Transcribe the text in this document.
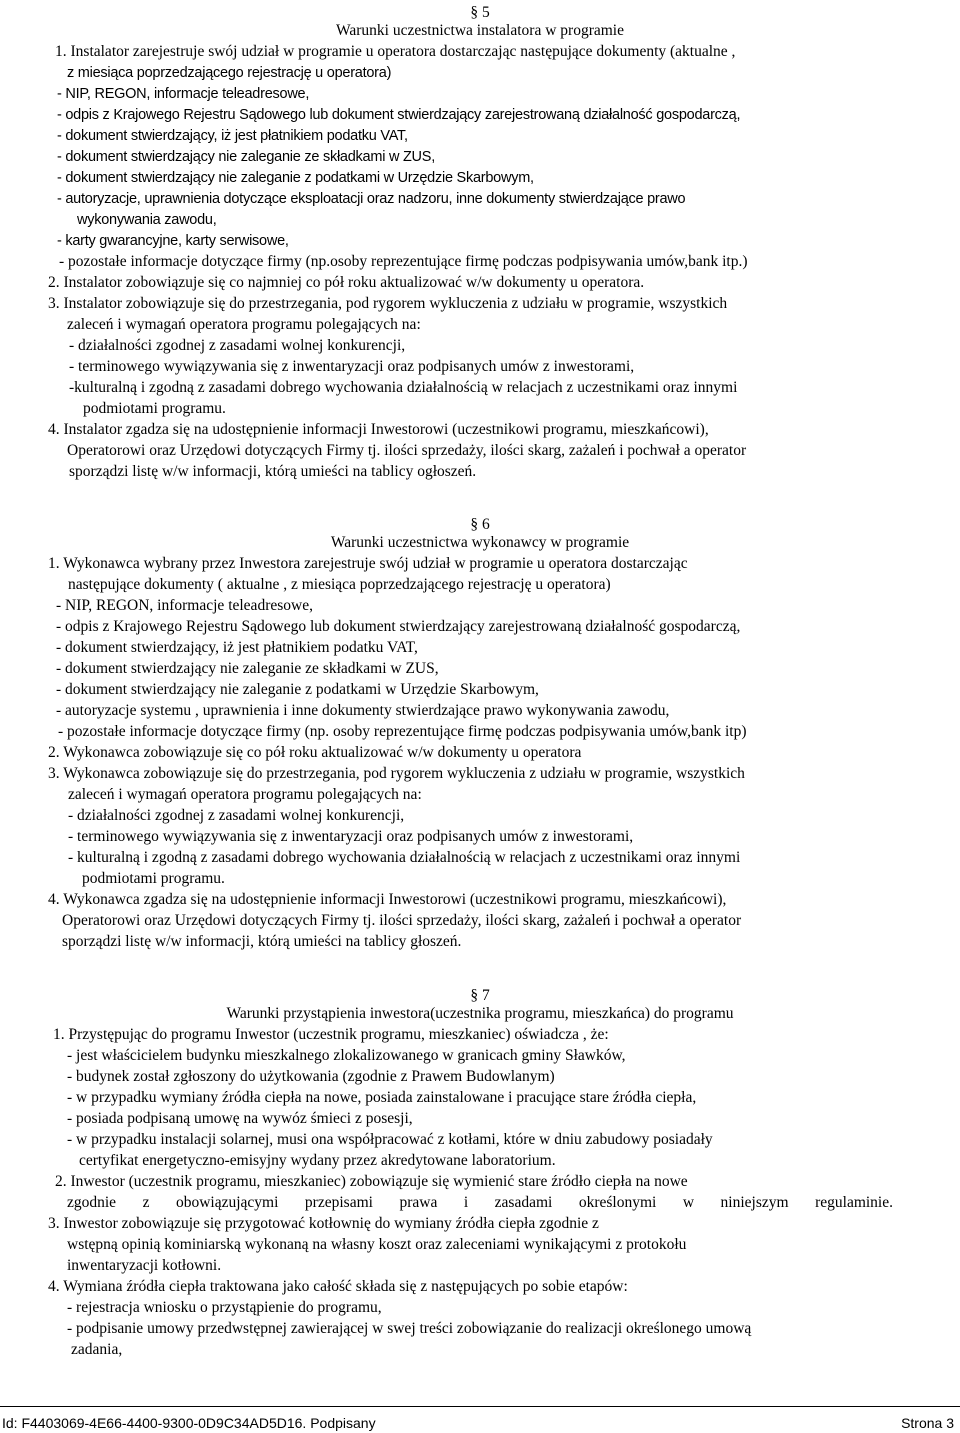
§ 5
Warunki uczestnictwa instalatora w programie
1. Instalator zarejestruje swój udział w programie u operatora dostarczając następujące dokumenty (aktualne ,
z miesiąca poprzedzającego rejestrację u operatora)
- NIP, REGON, informacje teleadresowe,
- odpis z Krajowego Rejestru Sądowego lub dokument stwierdzający zarejestrowaną działalność gospodarczą,
- dokument stwierdzający, iż jest płatnikiem podatku VAT,
- dokument stwierdzający nie zaleganie ze składkami w ZUS,
- dokument stwierdzający nie zaleganie z podatkami w Urzędzie Skarbowym,
- autoryzacje, uprawnienia dotyczące eksploatacji oraz nadzoru, inne dokumenty stwierdzające prawo
wykonywania zawodu,
- karty gwarancyjne, karty serwisowe,
- pozostałe informacje dotyczące firmy (np.osoby reprezentujące firmę podczas podpisywania umów,bank itp.)
2. Instalator zobowiązuje się co najmniej co pół roku aktualizować w/w dokumenty u operatora.
3. Instalator zobowiązuje się do przestrzegania, pod rygorem wykluczenia z udziału w programie, wszystkich
zaleceń i wymagań operatora programu polegających na:
- działalności zgodnej z zasadami wolnej konkurencji,
- terminowego wywiązywania się z inwentaryzacji oraz podpisanych umów z inwestorami,
-kulturalną i zgodną z zasadami dobrego wychowania działalnością w relacjach z uczestnikami oraz innymi
podmiotami programu.
4. Instalator zgadza się na udostępnienie informacji Inwestorowi (uczestnikowi programu, mieszkańcowi),
Operatorowi oraz Urzędowi dotyczących Firmy tj. ilości sprzedaży, ilości skarg, zażaleń i pochwał a operator
sporządzi listę w/w informacji, którą umieści na tablicy ogłoszeń.
§ 6
Warunki uczestnictwa wykonawcy w programie
1. Wykonawca wybrany przez Inwestora zarejestruje swój udział w programie u operatora dostarczając
następujące dokumenty ( aktualne , z miesiąca poprzedzającego rejestrację u operatora)
- NIP, REGON, informacje teleadresowe,
- odpis z Krajowego Rejestru Sądowego lub dokument stwierdzający zarejestrowaną działalność gospodarczą,
- dokument stwierdzający, iż jest płatnikiem podatku VAT,
- dokument stwierdzający nie zaleganie ze składkami w ZUS,
- dokument stwierdzający nie zaleganie z podatkami w Urzędzie Skarbowym,
- autoryzacje systemu , uprawnienia i inne dokumenty stwierdzające prawo wykonywania zawodu,
- pozostałe informacje dotyczące firmy (np. osoby reprezentujące firmę podczas podpisywania umów,bank itp)
2. Wykonawca zobowiązuje się co pół roku aktualizować w/w dokumenty u operatora
3. Wykonawca zobowiązuje się do przestrzegania, pod rygorem wykluczenia z udziału w programie, wszystkich
zaleceń i wymagań operatora programu polegających na:
- działalności zgodnej z zasadami wolnej konkurencji,
- terminowego wywiązywania się z inwentaryzacji oraz podpisanych umów z inwestorami,
- kulturalną i zgodną z zasadami dobrego wychowania działalnością w relacjach z uczestnikami oraz innymi
podmiotami programu.
4. Wykonawca zgadza się na udostępnienie informacji Inwestorowi (uczestnikowi programu, mieszkańcowi),
Operatorowi oraz Urzędowi dotyczących Firmy tj. ilości sprzedaży, ilości skarg, zażaleń i pochwał a operator
sporządzi listę w/w informacji, którą umieści na tablicy głoszeń.
§ 7
Warunki przystąpienia inwestora(uczestnika programu, mieszkańca) do programu
1. Przystępując do programu Inwestor (uczestnik programu, mieszkaniec) oświadcza , że:
- jest właścicielem budynku mieszkalnego zlokalizowanego w granicach gminy Sławków,
- budynek został zgłoszony do użytkowania (zgodnie z Prawem Budowlanym)
- w przypadku wymiany źródła ciepła na nowe, posiada zainstalowane i pracujące stare źródła ciepła,
- posiada podpisaną umowę na wywóz śmieci z posesji,
- w przypadku instalacji solarnej, musi ona współpracować z kotłami, które w dniu zabudowy posiadały
certyfikat energetyczno-emisyjny wydany przez akredytowane laboratorium.
2. Inwestor (uczestnik programu, mieszkaniec) zobowiązuje się wymienić stare źródło ciepła na nowe
zgodnie z obowiązującymi przepisami prawa i zasadami określonymi w niniejszym regulaminie.
3. Inwestor zobowiązuje się przygotować kotłownię do wymiany źródła ciepła zgodnie z
wstępną opinią kominiarską wykonaną na własny koszt oraz zaleceniami wynikającymi z protokołu
inwentaryzacji kotłowni.
4. Wymiana źródła ciepła traktowana jako całość składa się z następujących po sobie etapów:
- rejestracja wniosku o przystąpienie do programu,
- podpisanie umowy przedwstępnej zawierającej w swej treści zobowiązanie do realizacji określonego umową
zadania,
Id: F4403069-4E66-4400-9300-0D9C34AD5D16. Podpisany	Strona 3
